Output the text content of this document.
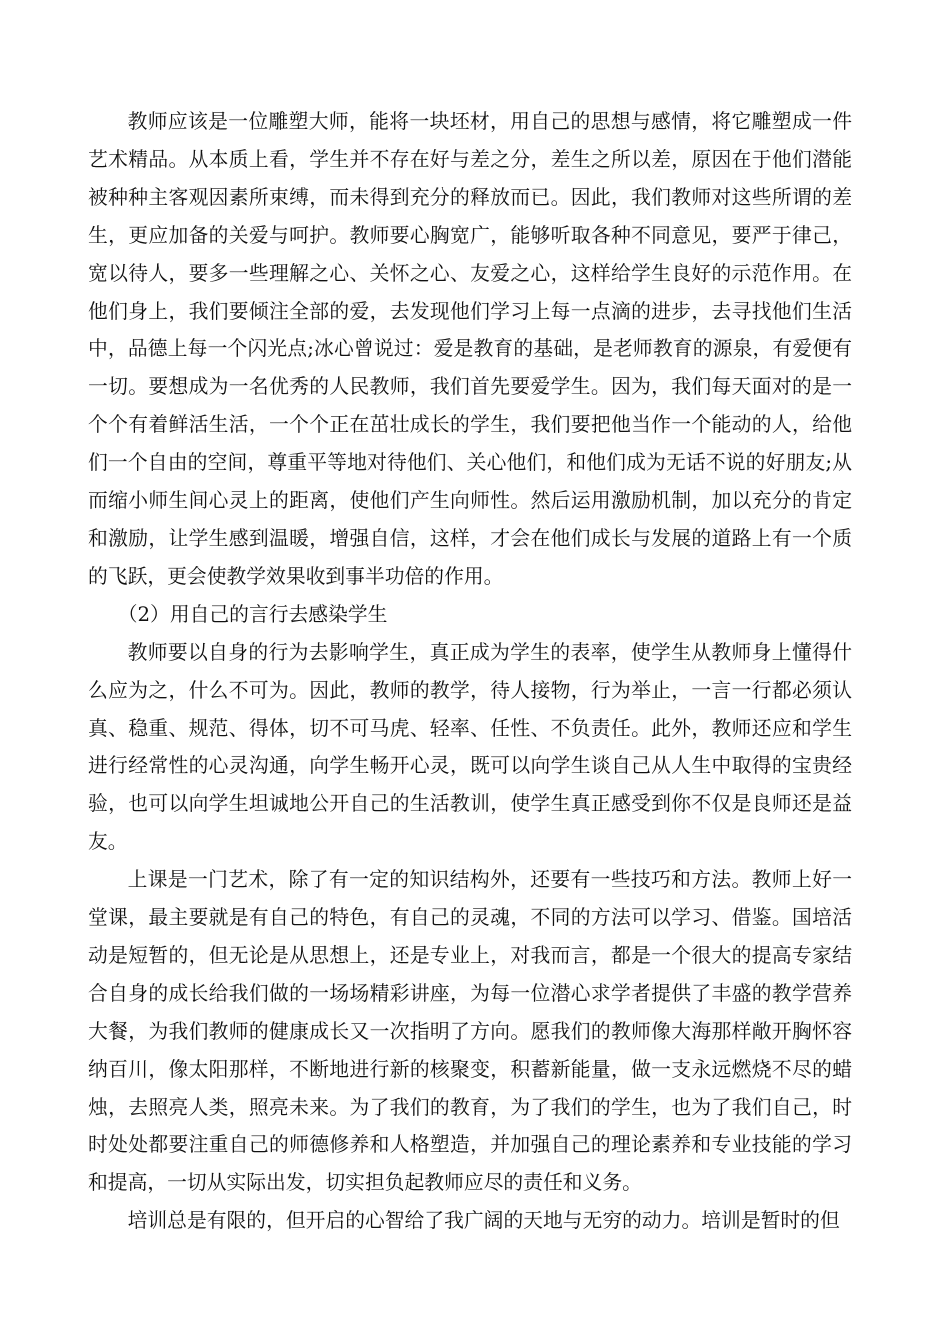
教师应该是一位雕塑大师，能将一块坯材，用自己的思想与感情，将它雕塑成一件艺术精品。从本质上看，学生并不存在好与差之分，差生之所以差，原因在于他们潜能被种种主客观因素所束缚，而未得到充分的释放而已。因此，我们教师对这些所谓的差生，更应加备的关爱与呵护。教师要心胸宽广，能够听取各种不同意见，要严于律己，宽以待人，要多一些理解之心、关怀之心、友爱之心，这样给学生良好的示范作用。在他们身上，我们要倾注全部的爱，去发现他们学习上每一点滴的进步，去寻找他们生活中，品德上每一个闪光点;冰心曾说过：爱是教育的基础，是老师教育的源泉，有爱便有一切。要想成为一名优秀的人民教师，我们首先要爱学生。因为，我们每天面对的是一个个有着鲜活生活，一个个正在茁壮成长的学生，我们要把他当作一个能动的人，给他们一个自由的空间，尊重平等地对待他们、关心他们，和他们成为无话不说的好朋友;从而缩小师生间心灵上的距离，使他们产生向师性。然后运用激励机制，加以充分的肯定和激励，让学生感到温暖，增强自信，这样，才会在他们成长与发展的道路上有一个质的飞跃，更会使教学效果收到事半功倍的作用。

（2）用自己的言行去感染学生

教师要以自身的行为去影响学生，真正成为学生的表率，使学生从教师身上懂得什么应为之，什么不可为。因此，教师的教学，待人接物，行为举止，一言一行都必须认真、稳重、规范、得体，切不可马虎、轻率、任性、不负责任。此外，教师还应和学生进行经常性的心灵沟通，向学生畅开心灵，既可以向学生谈自己从人生中取得的宝贵经验，也可以向学生坦诚地公开自己的生活教训，使学生真正感受到你不仅是良师还是益友。

上课是一门艺术，除了有一定的知识结构外，还要有一些技巧和方法。教师上好一堂课，最主要就是有自己的特色，有自己的灵魂，不同的方法可以学习、借鉴。国培活动是短暂的，但无论是从思想上，还是专业上，对我而言，都是一个很大的提高专家结合自身的成长给我们做的一场场精彩讲座，为每一位潜心求学者提供了丰盛的教学营养大餐，为我们教师的健康成长又一次指明了方向。愿我们的教师像大海那样敞开胸怀容纳百川，像太阳那样，不断地进行新的核聚变，积蓄新能量，做一支永远燃烧不尽的蜡烛，去照亮人类，照亮未来。为了我们的教育，为了我们的学生，也为了我们自己，时时处处都要注重自己的师德修养和人格塑造，并加强自己的理论素养和专业技能的学习和提高，一切从实际出发，切实担负起教师应尽的责任和义务。

培训总是有限的，但开启的心智给了我广阔的天地与无穷的动力。培训是暂时的但
